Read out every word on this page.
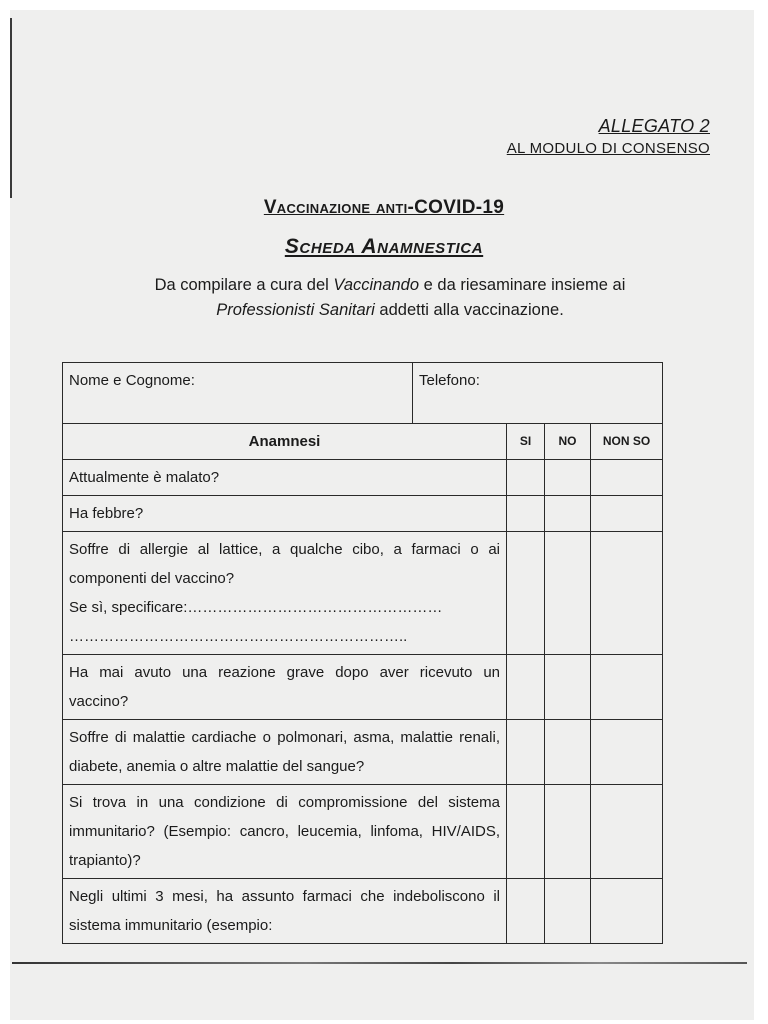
ALLEGATO 2
AL MODULO DI CONSENSO
Vaccinazione anti-COVID-19
Scheda Anamnestica
Da compilare a cura del Vaccinando e da riesaminare insieme ai
Professionisti Sanitari addetti alla vaccinazione.
Nome e Cognome:	Telefono:			
Anamnesi		SI	NO	NON SO
Attualmente è malato?				
Ha febbre?				

Soffre di allergie al lattice, a qualche cibo, a farmaci o ai componenti del vaccino?
Se sì, specificare:……………………………………………
…………………………………………………………..				

Ha mai avuto una reazione grave dopo aver ricevuto un vaccino?				
Soffre di malattie cardiache o polmonari, asma, malattie renali, diabete, anemia o altre malattie del sangue?				
Si trova in una condizione di compromissione del sistema immunitario? (Esempio: cancro, leucemia, linfoma, HIV/AIDS, trapianto)?				
Negli ultimi 3 mesi, ha assunto farmaci che indeboliscono il sistema immunitario (esempio:				
